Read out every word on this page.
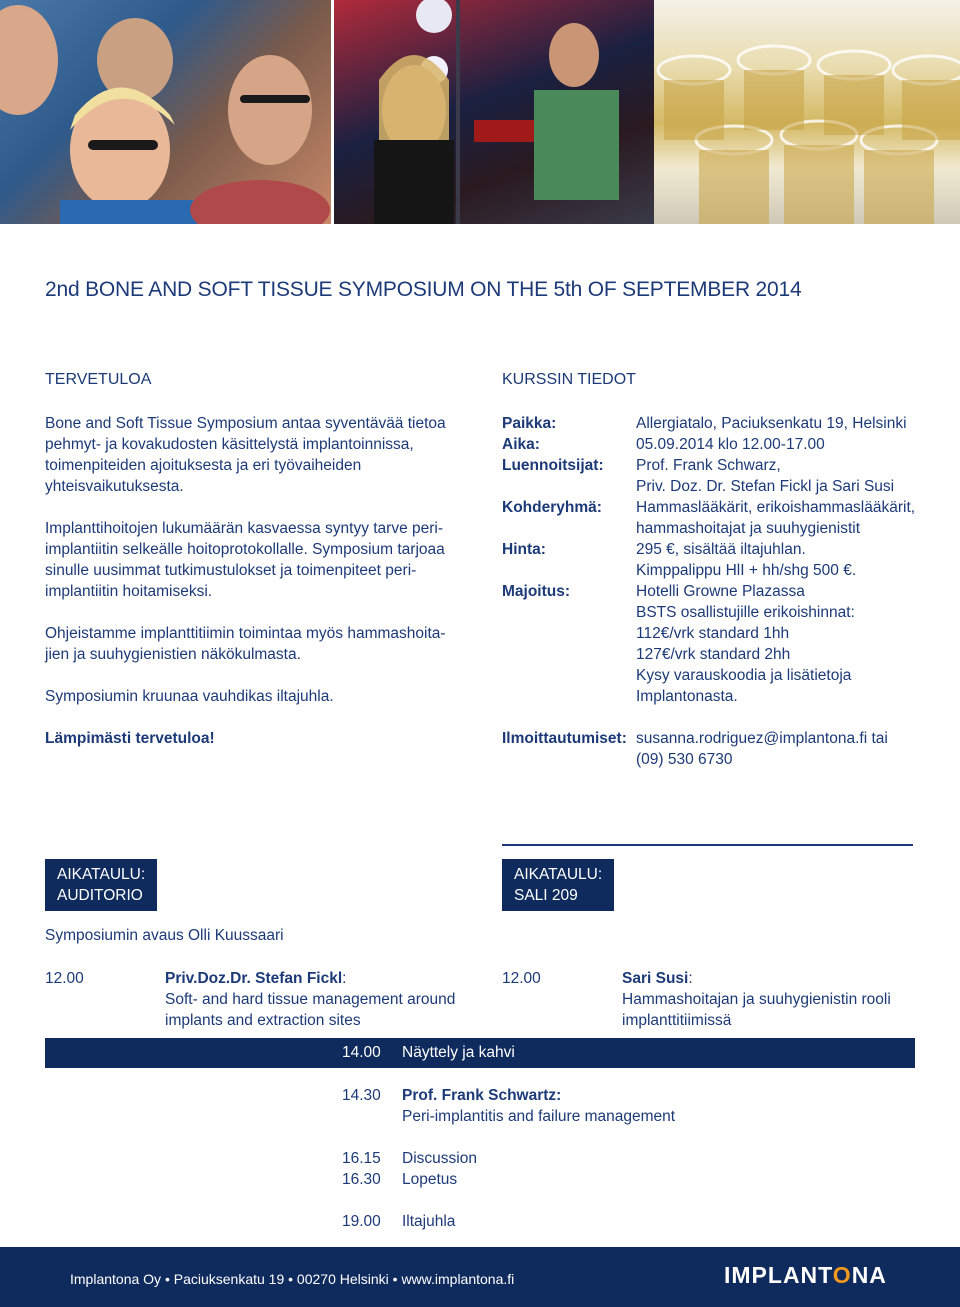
2nd BONE AND SOFT TISSUE SYMPOSIUM ON THE 5th OF SEPTEMBER 2014
TERVETULOA

Bone and Soft Tissue Symposium antaa syventävää tietoa pehmyt- ja kovakudosten käsittelystä implantoinnissa, toimenpiteiden ajoituksesta ja eri työvaiheiden yhteisvaikutuksesta.

Implanttihoitojen lukumäärän kasvaessa syntyy tarve peri-implantiitin selkeälle hoitoprotokollalle. Symposium tarjoaa sinulle uusimmat tutkimustulokset ja toimenpiteet peri-implantiitin hoitamiseksi.

Ohjeistamme implanttitiimin toimintaa myös hammashoita-jien ja suuhygienistien näkökulmasta.

Symposiumin kruunaa vauhdikas iltajuhla.

Lämpimästi tervetuloa!

KURSSIN TIEDOT
Paikka:	Allergiatalo, Paciuksenkatu 19, Helsinki
Aika:	05.09.2014 klo 12.00-17.00
Luennoitsijat:	Prof. Frank Schwarz,
Priv. Doz. Dr. Stefan Fickl ja Sari Susi
Kohderyhmä:	Hammaslääkärit, erikoishammaslääkärit,
hammashoitajat ja suuhygienistit
Hinta:	295 €, sisältää iltajuhlan.
Kimppalippu HlI + hh/shg 500 €.
Majoitus:	Hotelli Growne Plazassa
BSTS osallistujille erikoishinnat:
112€/vrk standard 1hh
127€/vrk standard 2hh
Kysy varauskoodia ja lisätietoja
Implantonasta.
Ilmoittautumiset: susanna.rodriguez@implantona.fi tai
(09) 530 6730
AIKATAULU:
AUDITORIO
AIKATAULU:
SALI 209
Symposiumin avaus Olli Kuussaari
12.00	Priv.Doz.Dr. Stefan Fickl:
Soft- and hard tissue management around
implants and extraction sites
12.00	Sari Susi:
Hammashoitajan ja suuhygienistin rooli
implanttitiimissä
14.00 Näyttely ja kahvi
14.30	Prof. Frank Schwartz:
Peri-implantitis and failure management
16.15	Discussion
16.30	Lopetus
19.00	Iltajuhla
Implantona Oy • Paciuksenkatu 19 • 00270 Helsinki • www.implantona.fi	IMPLANTONA
